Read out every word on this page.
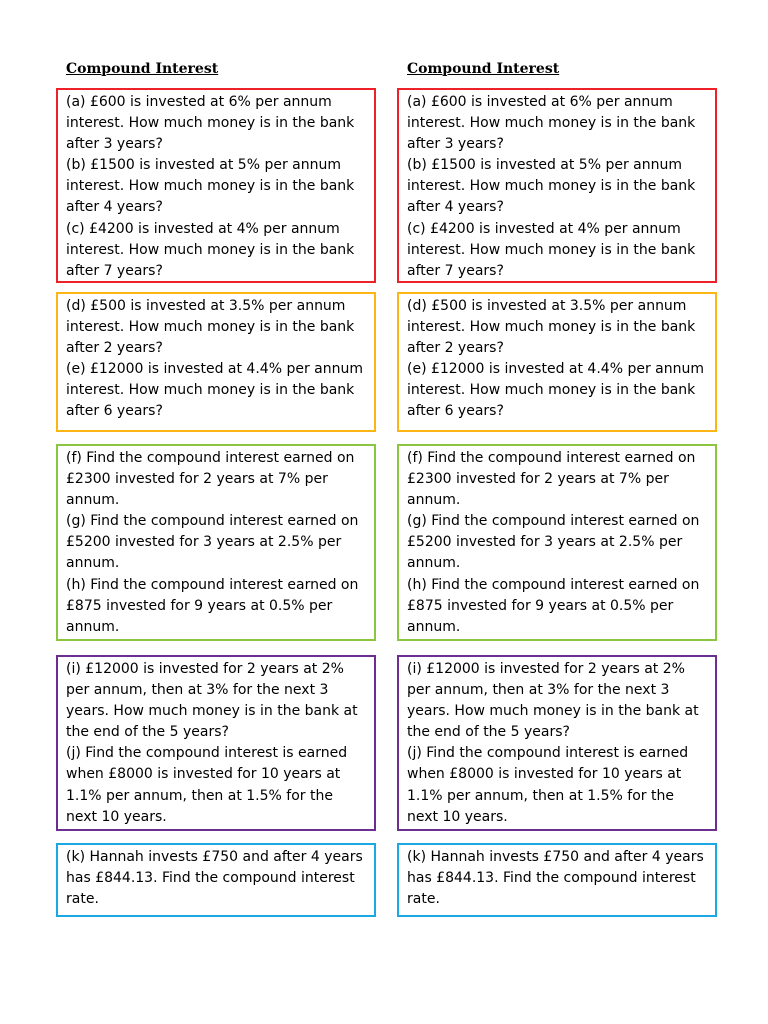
Compound Interest

(a) £600 is invested at 6% per annum interest. How much money is in the bank after 3 years?

(b) £1500 is invested at 5% per annum interest. How much money is in the bank after 4 years?

(c) £4200 is invested at 4% per annum interest. How much money is in the bank after 7 years?

(d) £500 is invested at 3.5% per annum interest. How much money is in the bank after 2 years?

(e) £12000 is invested at 4.4% per annum interest. How much money is in the bank after 6 years?

(f) Find the compound interest earned on £2300 invested for 2 years at 7% per annum.

(g) Find the compound interest earned on £5200 invested for 3 years at 2.5% per annum.

(h) Find the compound interest earned on £875 invested for 9 years at 0.5% per annum.

(i) £12000 is invested for 2 years at 2% per annum, then at 3% for the next 3 years. How much money is in the bank at the end of the 5 years?

(j) Find the compound interest is earned when £8000 is invested for 10 years at 1.1% per annum, then at 1.5% for the next 10 years.

(k) Hannah invests £750 and after 4 years has £844.13. Find the compound interest rate.

Compound Interest

(a) £600 is invested at 6% per annum interest. How much money is in the bank after 3 years?

(b) £1500 is invested at 5% per annum interest. How much money is in the bank after 4 years?

(c) £4200 is invested at 4% per annum interest. How much money is in the bank after 7 years?

(d) £500 is invested at 3.5% per annum interest. How much money is in the bank after 2 years?

(e) £12000 is invested at 4.4% per annum interest. How much money is in the bank after 6 years?

(f) Find the compound interest earned on £2300 invested for 2 years at 7% per annum.

(g) Find the compound interest earned on £5200 invested for 3 years at 2.5% per annum.

(h) Find the compound interest earned on £875 invested for 9 years at 0.5% per annum.

(i) £12000 is invested for 2 years at 2% per annum, then at 3% for the next 3 years. How much money is in the bank at the end of the 5 years?

(j) Find the compound interest is earned when £8000 is invested for 10 years at 1.1% per annum, then at 1.5% for the next 10 years.

(k) Hannah invests £750 and after 4 years has £844.13. Find the compound interest rate.
